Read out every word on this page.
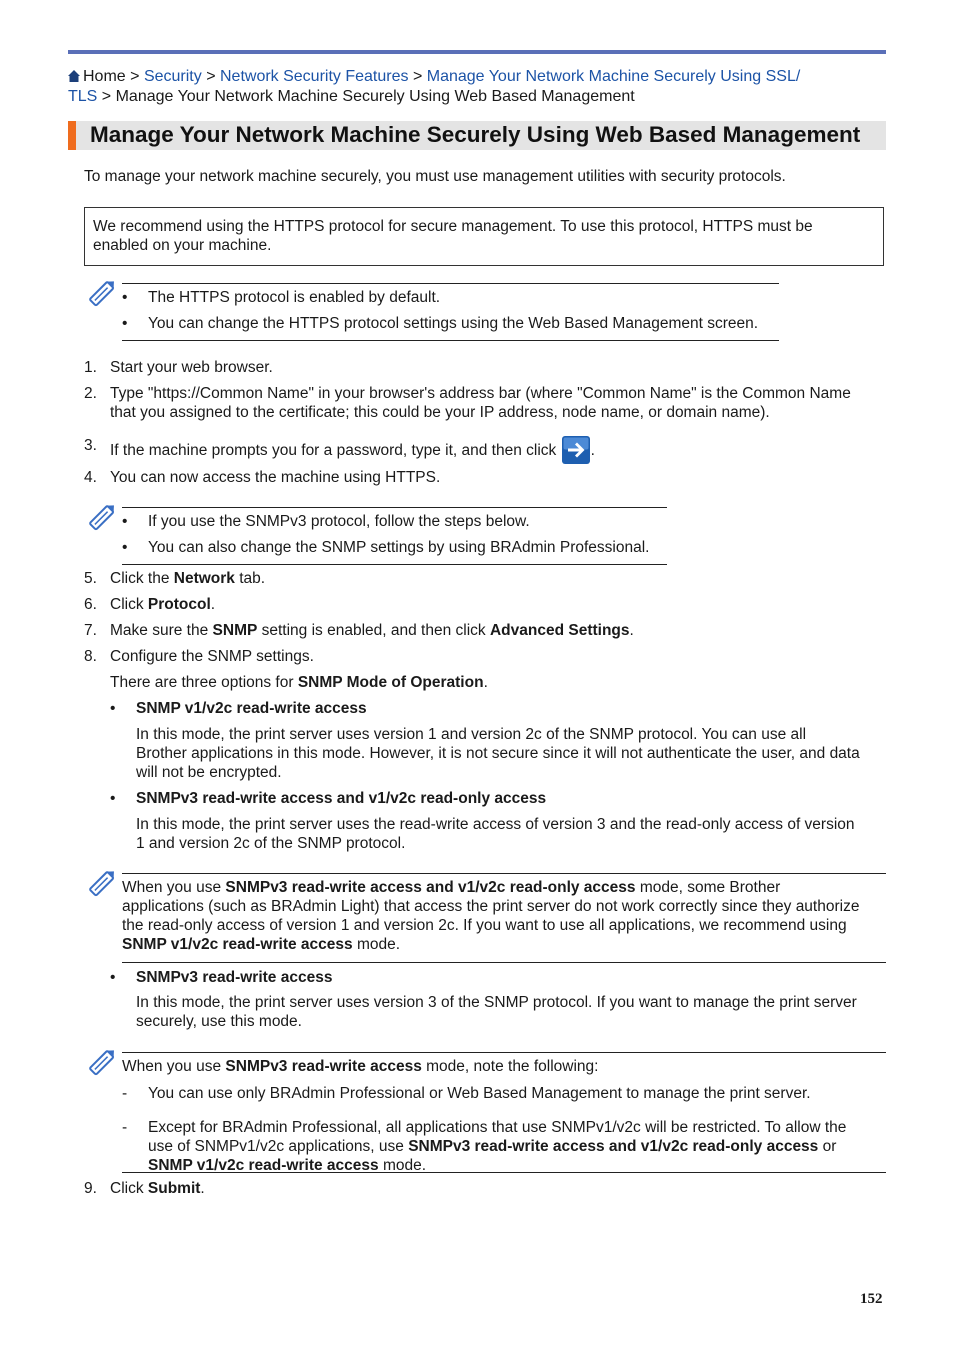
Home > Security > Network Security Features > Manage Your Network Machine Securely Using SSL/
TLS > Manage Your Network Machine Securely Using Web Based Management
Manage Your Network Machine Securely Using Web Based Management
To manage your network machine securely, you must use management utilities with security protocols.
We recommend using the HTTPS protocol for secure management. To use this protocol, HTTPS must be
enabled on your machine.
•	The HTTPS protocol is enabled by default.
•	You can change the HTTPS protocol settings using the Web Based Management screen.
1. Start your web browser.
2. Type "https://Common Name" in your browser's address bar (where "Common Name" is the Common Name
that you assigned to the certificate; this could be your IP address, node name, or domain name).
3. If the machine prompts you for a password, type it, and then click .
4. You can now access the machine using HTTPS.
•	If you use the SNMPv3 protocol, follow the steps below.
•	You can also change the SNMP settings by using BRAdmin Professional.
5. Click the Network tab.
6. Click Protocol.
7. Make sure the SNMP setting is enabled, and then click Advanced Settings.
8. Configure the SNMP settings.
There are three options for SNMP Mode of Operation.
• SNMP v1/v2c read-write access
In this mode, the print server uses version 1 and version 2c of the SNMP protocol. You can use all
Brother applications in this mode. However, it is not secure since it will not authenticate the user, and data
will not be encrypted.
• SNMPv3 read-write access and v1/v2c read-only access
In this mode, the print server uses the read-write access of version 3 and the read-only access of version
1 and version 2c of the SNMP protocol.
When you use SNMPv3 read-write access and v1/v2c read-only access mode, some Brother
applications (such as BRAdmin Light) that access the print server do not work correctly since they authorize
the read-only access of version 1 and version 2c. If you want to use all applications, we recommend using
SNMP v1/v2c read-write access mode.
• SNMPv3 read-write access
In this mode, the print server uses version 3 of the SNMP protocol. If you want to manage the print server
securely, use this mode.
When you use SNMPv3 read-write access mode, note the following:
-	You can use only BRAdmin Professional or Web Based Management to manage the print server.
-	Except for BRAdmin Professional, all applications that use SNMPv1/v2c will be restricted. To allow the
use of SNMPv1/v2c applications, use SNMPv3 read-write access and v1/v2c read-only access or
SNMP v1/v2c read-write access mode.
9. Click Submit.
152
